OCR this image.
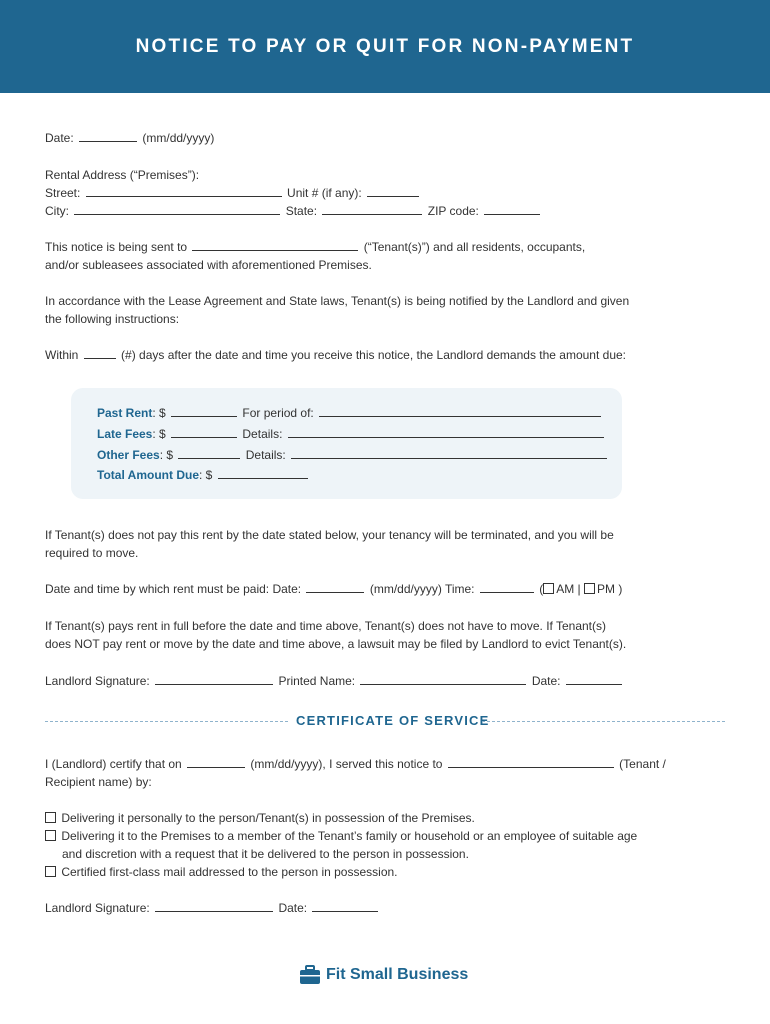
NOTICE TO PAY OR QUIT FOR NON-PAYMENT
Date:	(mm/dd/yyyy)
Rental Address (“Premises”):
Street:	Unit # (if any):
City:	State:	ZIP code:
This notice is being sent to	(“Tenant(s)”) and all residents, occupants,
and/or subleasees associated with aforementioned Premises.
In accordance with the Lease Agreement and State laws, Tenant(s) is being notified by the Landlord and given
the following instructions:
Within	(#) days after the date and time you receive this notice, the Landlord demands the amount due:
Past Rent: $	For period of:
Late Fees: $	Details:
Other Fees: $	Details:
Total Amount Due: $
If Tenant(s) does not pay this rent by the date stated below, your tenancy will be terminated, and you will be
required to move.
Date and time by which rent must be paid: Date:	(mm/dd/yyyy) Time:	( AM | PM )
If Tenant(s) pays rent in full before the date and time above, Tenant(s) does not have to move. If Tenant(s)
does NOT pay rent or move by the date and time above, a lawsuit may be filed by Landlord to evict Tenant(s).
Landlord Signature:	Printed Name:	Date:
CERTIFICATE OF SERVICE
I (Landlord) certify that on	(mm/dd/yyyy), I served this notice to	(Tenant /
Recipient name) by:
Delivering it personally to the person/Tenant(s) in possession of the Premises.
Delivering it to the Premises to a member of the Tenant’s family or household or an employee of suitable age
and discretion with a request that it be delivered to the person in possession.
Certified first-class mail addressed to the person in possession.
Landlord Signature:	Date:
Fit Small Business
